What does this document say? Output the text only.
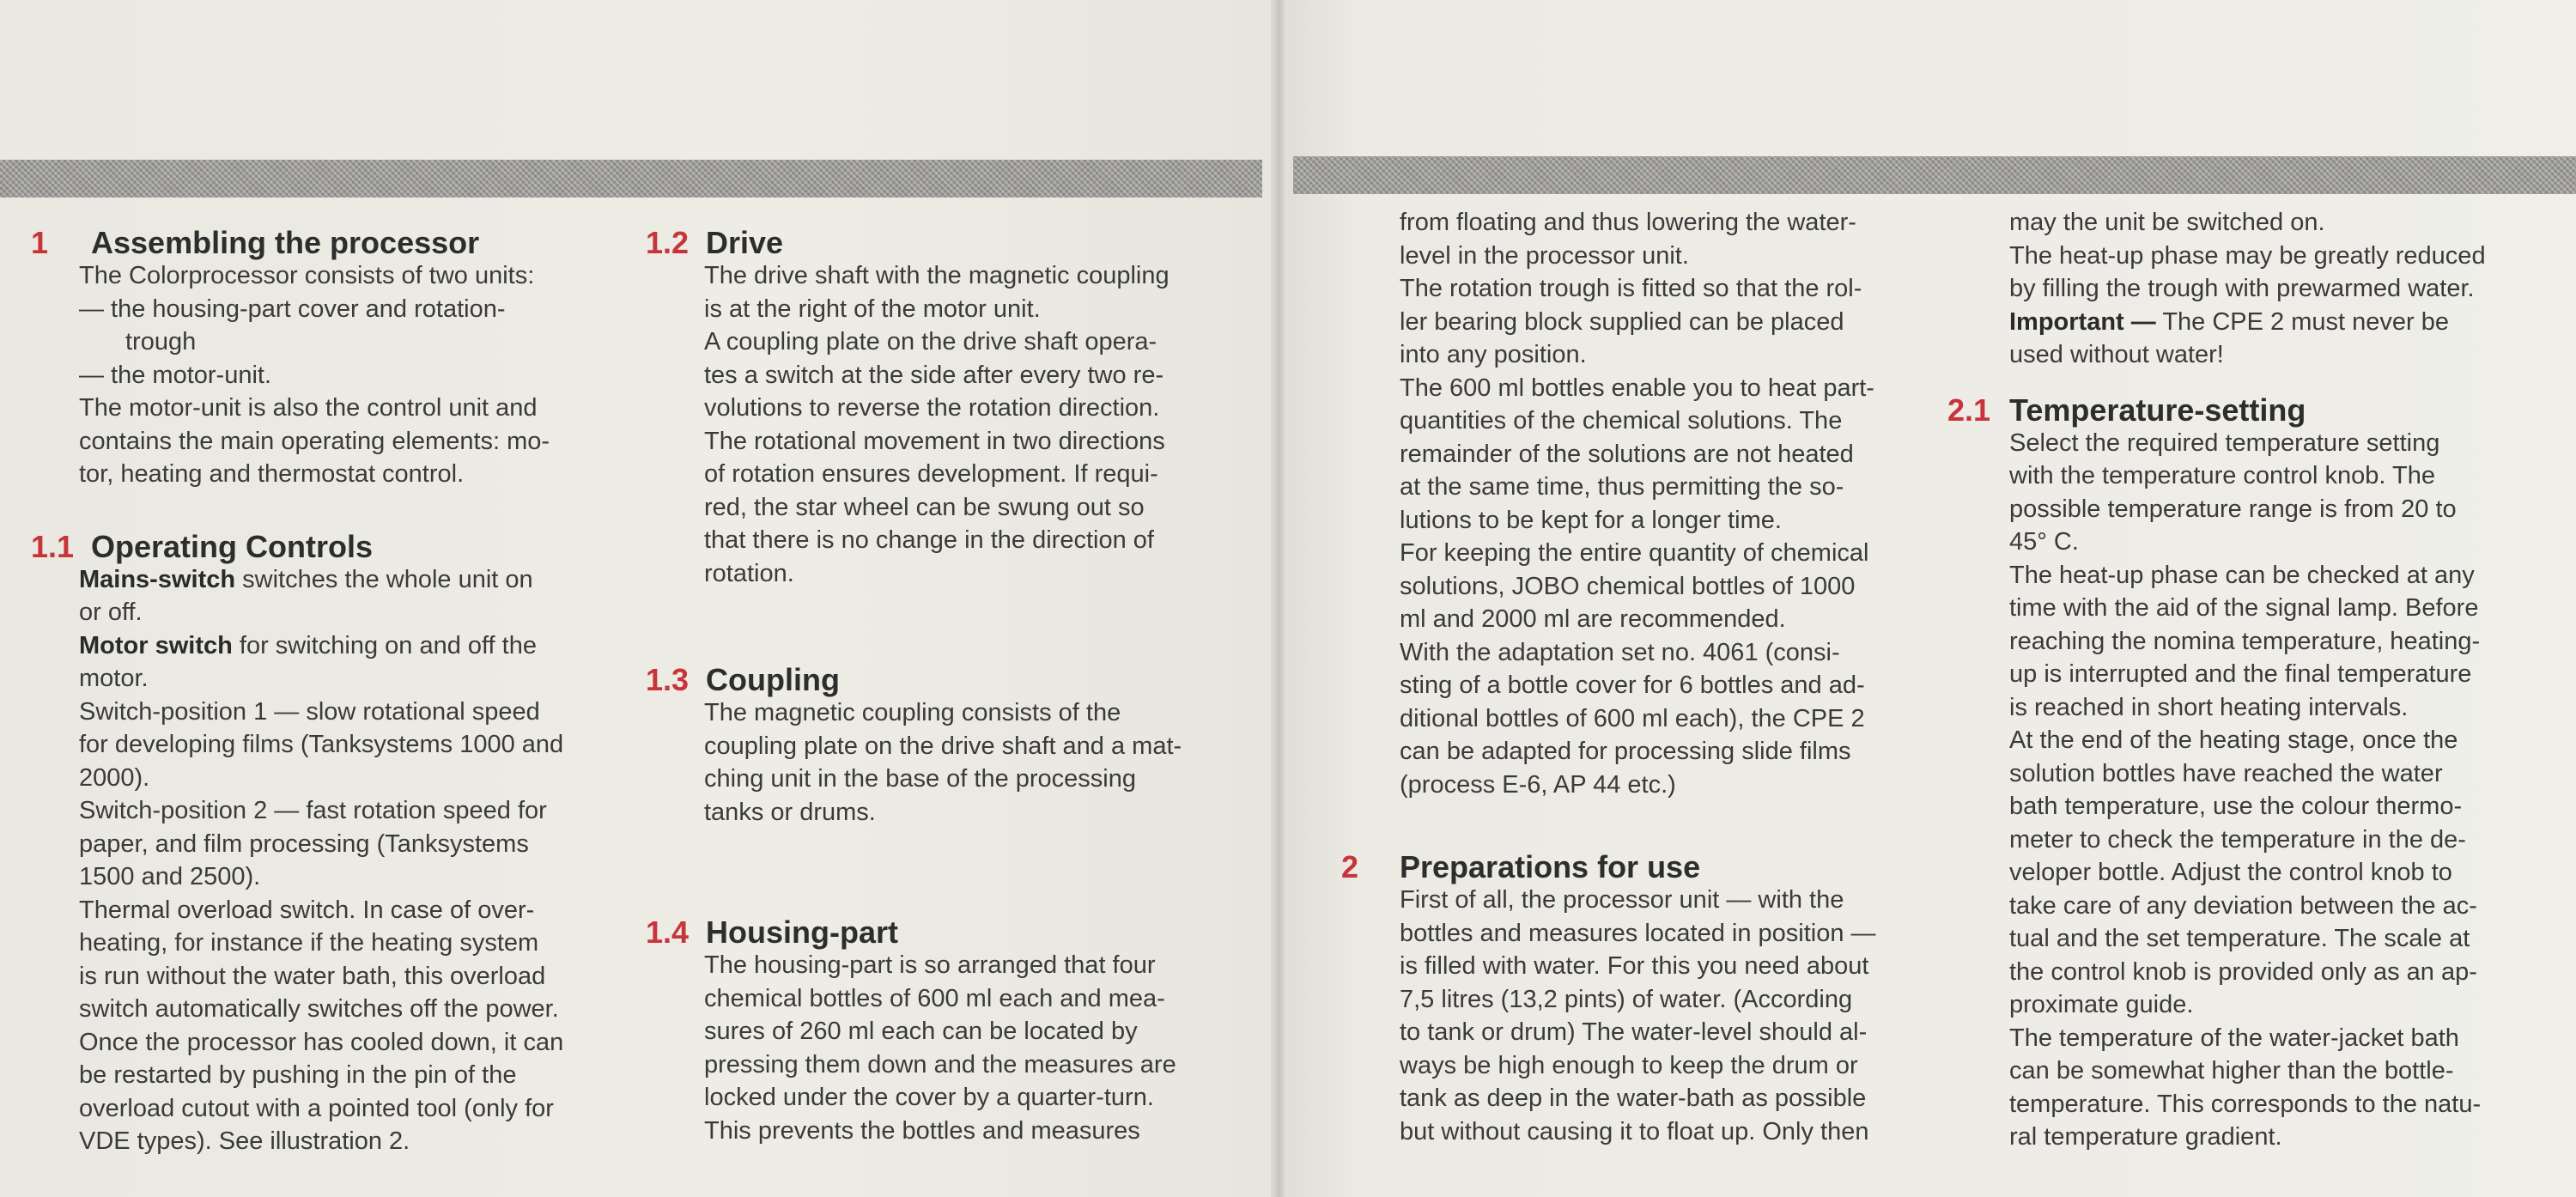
1	Assembling the processor

The Colorprocessor consists of two units:

— the housing-part cover and rotation-

trough

— the motor-unit.

The motor-unit is also the control unit and

contains the main operating elements: mo-

tor, heating and thermostat control.

1.1 Operating Controls

Mains-switch switches the whole unit on

or off.

Motor switch for switching on and off the

motor.

Switch-position 1 — slow rotational speed

for developing films (Tanksystems 1000 and

2000).

Switch-position 2 — fast rotation speed for

paper, and film processing (Tanksystems

1500 and 2500).

Thermal overload switch. In case of over-

heating, for instance if the heating system

is run without the water bath, this overload

switch automatically switches off the power.

Once the processor has cooled down, it can

be restarted by pushing in the pin of the

overload cutout with a pointed tool (only for

VDE types). See illustration 2.

1.2 Drive

The drive shaft with the magnetic coupling

is at the right of the motor unit.

A coupling plate on the drive shaft opera-

tes a switch at the side after every two re-

volutions to reverse the rotation direction.

The rotational movement in two directions

of rotation ensures development. If requi-

red, the star wheel can be swung out so

that there is no change in the direction of

rotation.

1.3 Coupling

The magnetic coupling consists of the

coupling plate on the drive shaft and a mat-

ching unit in the base of the processing

tanks or drums.

1.4 Housing-part

The housing-part is so arranged that four

chemical bottles of 600 ml each and mea-

sures of 260 ml each can be located by

pressing them down and the measures are

locked under the cover by a quarter-turn.

This prevents the bottles and measures

from floating and thus lowering the water-

level in the processor unit.

The rotation trough is fitted so that the rol-

ler bearing block supplied can be placed

into any position.

The 600 ml bottles enable you to heat part-

quantities of the chemical solutions. The

remainder of the solutions are not heated

at the same time, thus permitting the so-

lutions to be kept for a longer time.

For keeping the entire quantity of chemical

solutions, JOBO chemical bottles of 1000

ml and 2000 ml are recommended.

With the adaptation set no. 4061 (consi-

sting of a bottle cover for 6 bottles and ad-

ditional bottles of 600 ml each), the CPE 2

can be adapted for processing slide films

(process E-6, AP 44 etc.)

2	Preparations for use

First of all, the processor unit — with the

bottles and measures located in position —

is filled with water. For this you need about

7,5 litres (13,2 pints) of water. (According

to tank or drum) The water-level should al-

ways be high enough to keep the drum or

tank as deep in the water-bath as possible

but without causing it to float up. Only then

may the unit be switched on.

The heat-up phase may be greatly reduced

by filling the trough with prewarmed water.

Important — The CPE 2 must never be

used without water!

2.1 Temperature-setting

Select the required temperature setting

with the temperature control knob. The

possible temperature range is from 20 to

45° C.

The heat-up phase can be checked at any

time with the aid of the signal lamp. Before

reaching the nomina temperature, heating-

up is interrupted and the final temperature

is reached in short heating intervals.

At the end of the heating stage, once the

solution bottles have reached the water

bath temperature, use the colour thermo-

meter to check the temperature in the de-

veloper bottle. Adjust the control knob to

take care of any deviation between the ac-

tual and the set temperature. The scale at

the control knob is provided only as an ap-

proximate guide.

The temperature of the water-jacket bath

can be somewhat higher than the bottle-

temperature. This corresponds to the natu-

ral temperature gradient.
